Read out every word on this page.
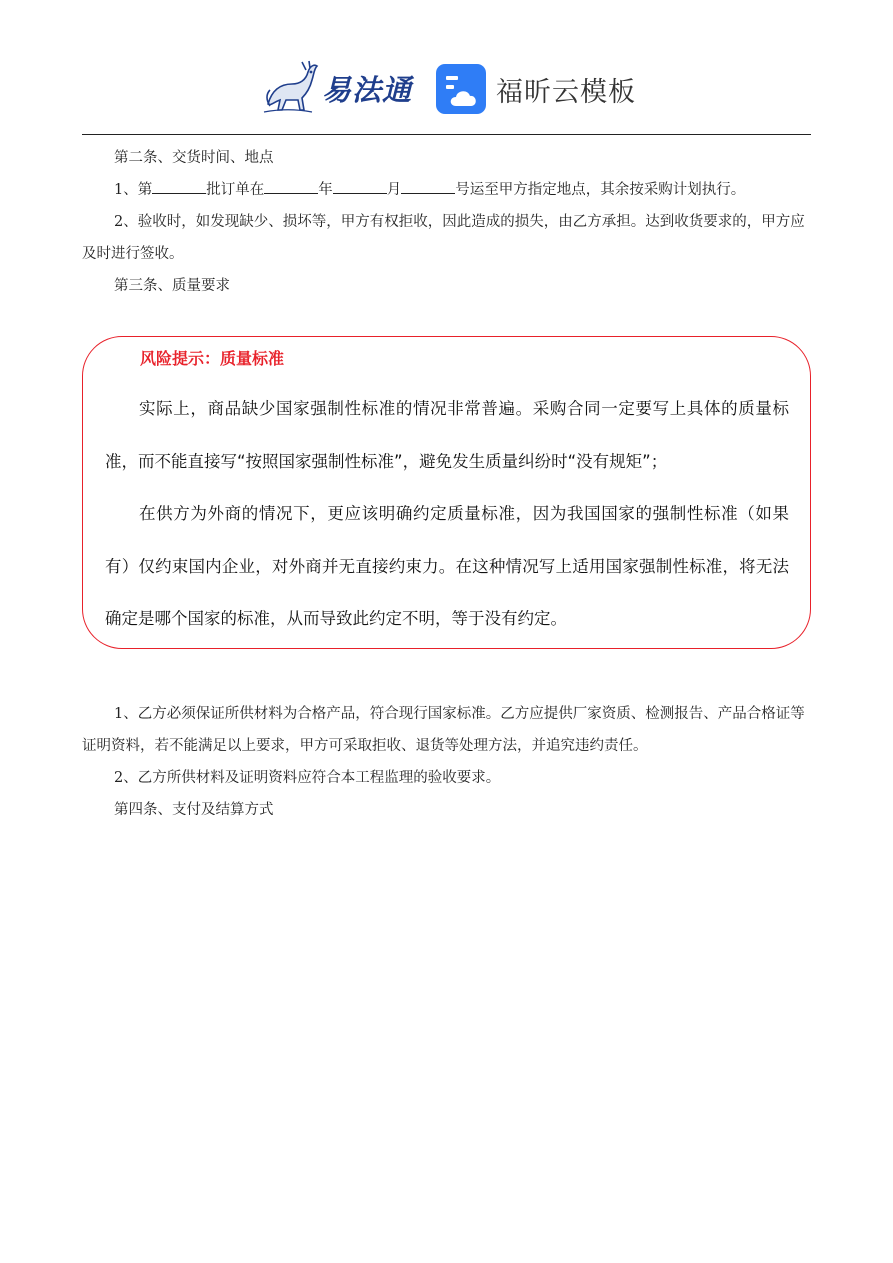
易法通	福昕云模板

第二条、交货时间、地点

1、第	批订单在	年	月	号运至甲方指定地点，其余按采购计划执行。

2、验收时，如发现缺少、损坏等，甲方有权拒收，因此造成的损失，由乙方承担。达到收货要求的，甲方应及时进行签收。

第三条、质量要求

风险提示：质量标准

实际上，商品缺少国家强制性标准的情况非常普遍。采购合同一定要写上具体的质量标准，而不能直接写“按照国家强制性标准”，避免发生质量纠纷时“没有规矩”；

在供方为外商的情况下，更应该明确约定质量标准，因为我国国家的强制性标准（如果有）仅约束国内企业，对外商并无直接约束力。在这种情况写上适用国家强制性标准，将无法确定是哪个国家的标准，从而导致此约定不明，等于没有约定。

1、乙方必须保证所供材料为合格产品，符合现行国家标准。乙方应提供厂家资质、检测报告、产品合格证等证明资料，若不能满足以上要求，甲方可采取拒收、退货等处理方法，并追究违约责任。

2、乙方所供材料及证明资料应符合本工程监理的验收要求。

第四条、支付及结算方式
